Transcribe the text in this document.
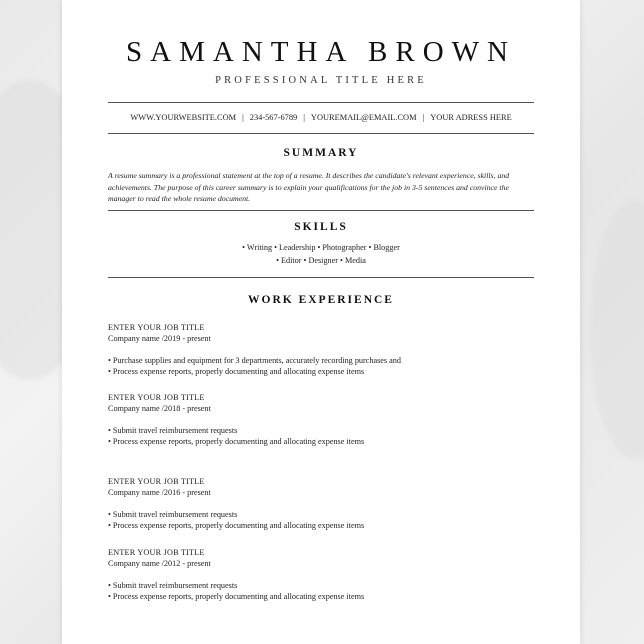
SAMANTHA BROWN
PROFESSIONAL TITLE HERE
WWW.YOURWEBSITE.COM | 234-567-6789 | YOUREMAIL@EMAIL.COM | YOUR ADRESS HERE
SUMMARY
A resume summary is a professional statement at the top of a resume. It describes the candidate's relevant experience, skills, and achievements. The purpose of this career summary is to explain your qualifications for the job in 3-5 sentences and convince the manager to read the whole resume document.
SKILLS
• Writing • Leadership • Photographer • Blogger
• Editor • Designer • Media
WORK EXPERIENCE
ENTER YOUR JOB TITLE
Company name /2019 - present
• Purchase supplies and equipment for 3 departments, accurately recording purchases and
• Process expense reports, properly documenting and allocating expense items
ENTER YOUR JOB TITLE
Company name /2018 - present
• Submit travel reimbursement requests
• Process expense reports, properly documenting and allocating expense items
ENTER YOUR JOB TITLE
Company name /2016 - present
• Submit travel reimbursement requests
• Process expense reports, properly documenting and allocating expense items
ENTER YOUR JOB TITLE
Company name /2012 - present
• Submit travel reimbursement requests
• Process expense reports, properly documenting and allocating expense items
